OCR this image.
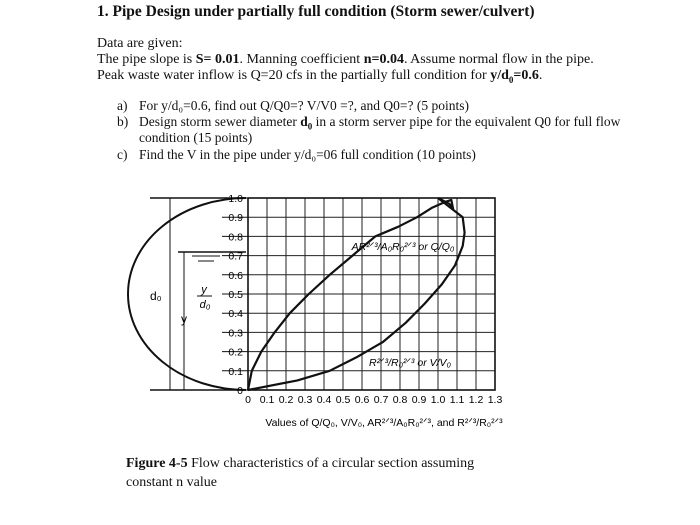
1. Pipe Design under partially full condition (Storm sewer/culvert)
Data are given:
The pipe slope is S= 0.01. Manning coefficient n=0.04. Assume normal flow in the pipe.
Peak waste water inflow is Q=20 cfs in the partially full condition for $y/d_0=0.6$.
a) For y/d₀=0.6, find out Q/Q0=? V/V0 =?, and Q0=? (5 points)
b) Design storm sewer diameter $d_0$ in a storm server pipe for the equivalent Q0 for full flow
condition (15 points)
c) Find the V in the pipe under y/d₀=06 full condition (10 points)
d₀
y
y
d₀
0
0.1
0.2
0.3
0.4
0.5
0.6
0.7
0.8
0.9
1.0
0 0.1 0.2 0.3 0.4 0.5 0.6 0.7 0.8 0.9 1.0 1.1 1.2 1.3
AR²ᐟ³/A₀R₀²ᐟ³ or Q/Q₀
R²ᐟ³/R₀²ᐟ³ or V/V₀
Values of Q/Q₀, V/V₀, AR²ᐟ³/A₀R₀²ᐟ³, and R²ᐟ³/R₀²ᐟ³
Figure 4-5 Flow characteristics of a circular section assuming
constant n value
